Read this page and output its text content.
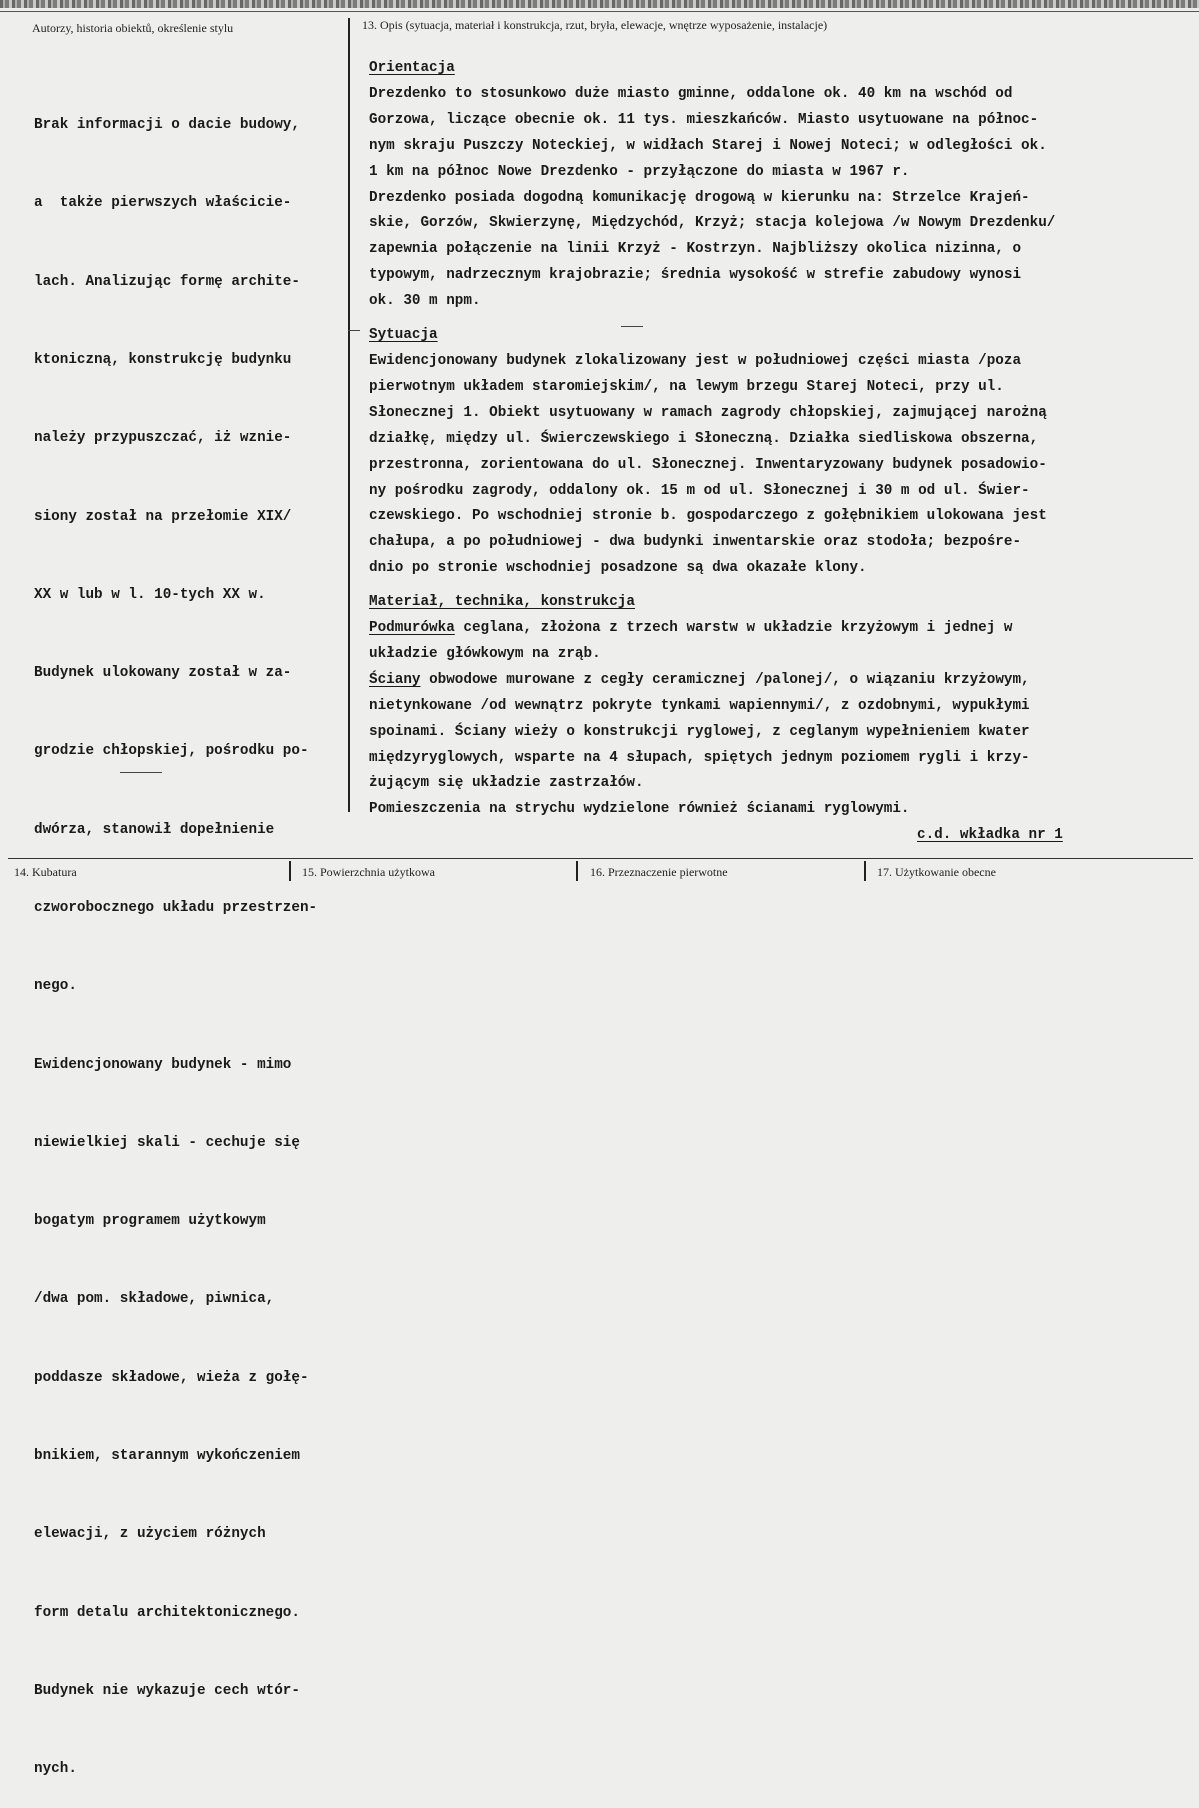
Autorzy, historia obiektů, określenie stylu	13. Opis (sytuacja, materiał i konstrukcja, rzut, bryła, elewacje, wnętrze wyposażenie, instalacje)

Brak informacji o dacie budowy,

a  także pierwszych właścicie-

lach. Analizując formę archite-

ktoniczną, konstrukcję budynku

należy przypuszczać, iż wznie-

siony został na przełomie XIX/

XX w lub w l. 10-tych XX w.

Budynek ulokowany został w za-

grodzie chłopskiej, pośrodku po-

dwórza, stanowił dopełnienie

czworobocznego układu przestrzen-

nego.

Ewidencjonowany budynek - mimo

niewielkiej skali - cechuje się

bogatym programem użytkowym

/dwa pom. składowe, piwnica,

poddasze składowe, wieża z gołę-

bnikiem, starannym wykończeniem

elewacji, z użyciem różnych

form detalu architektonicznego.

Budynek nie wykazuje cech wtór-

nych.

Orientacja
Drezdenko to stosunkowo duże miasto gminne, oddalone ok. 40 km na wschód od
Gorzowa, liczące obecnie ok. 11 tys. mieszkańców. Miasto usytuowane na północ-
nym skraju Puszczy Noteckiej, w widłach Starej i Nowej Noteci; w odległości ok.
1 km na północ Nowe Drezdenko - przyłączone do miasta w 1967 r.
Drezdenko posiada dogodną komunikację drogową w kierunku na: Strzelce Krajeń-
skie, Gorzów, Skwierzynę, Międzychód, Krzyż; stacja kolejowa /w Nowym Drezdenku/
zapewnia połączenie na linii Krzyż - Kostrzyn. Najbliższy okolica nizinna, o
typowym, nadrzecznym krajobrazie; średnia wysokość w strefie zabudowy wynosi
ok. 30 m npm.
Sytuacja
Ewidencjonowany budynek zlokalizowany jest w południowej części miasta /poza
pierwotnym układem staromiejskim/, na lewym brzegu Starej Noteci, przy ul.
Słonecznej 1. Obiekt usytuowany w ramach zagrody chłopskiej, zajmującej narożną
działkę, między ul. Świerczewskiego i Słoneczną. Działka siedliskowa obszerna,
przestronna, zorientowana do ul. Słonecznej. Inwentaryzowany budynek posadowio-
ny pośrodku zagrody, oddalony ok. 15 m od ul. Słonecznej i 30 m od ul. Świer-
czewskiego. Po wschodniej stronie b. gospodarczego z gołębnikiem ulokowana jest
chałupa, a po południowej - dwa budynki inwentarskie oraz stodoła; bezpośre-
dnio po stronie wschodniej posadzone są dwa okazałe klony.
Materiał, technika, konstrukcja
Podmurówka ceglana, złożona z trzech warstw w układzie krzyżowym i jednej w
układzie główkowym na zrąb.
Ściany obwodowe murowane z cegły ceramicznej /palonej/, o wiązaniu krzyżowym,
nietynkowane /od wewnątrz pokryte tynkami wapiennymi/, z ozdobnymi, wypukłymi
spoinami. Ściany wieży o konstrukcji ryglowej, z ceglanym wypełnieniem kwater
międzyryglowych, wsparte na 4 słupach, spiętych jednym poziomem rygli i krzy-
żującym się układzie zastrzałów.
Pomieszczenia na strychu wydzielone również ścianami ryglowymi.
c.d. wkładka nr 1
14. Kubatura	15. Powierzchnia użytkowa	16. Przeznaczenie pierwotne	17. Użytkowanie obecne
